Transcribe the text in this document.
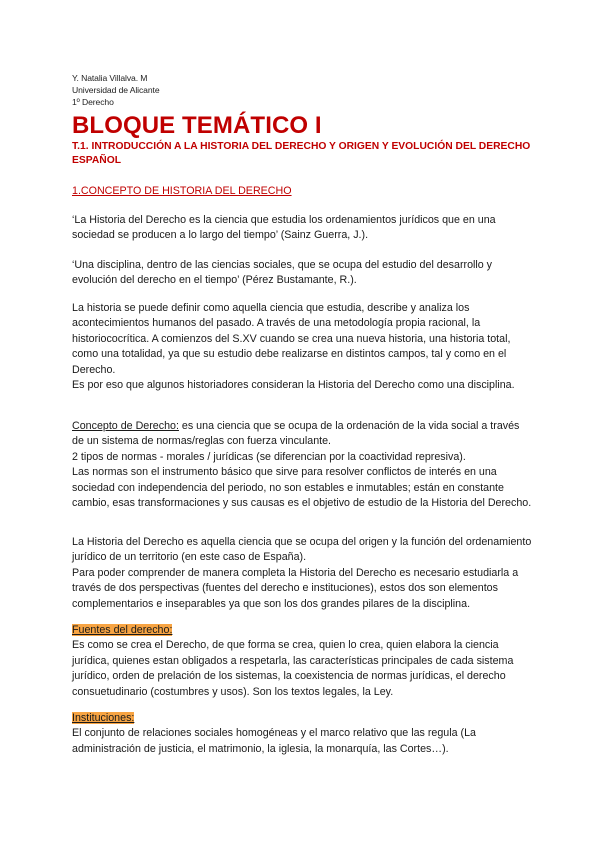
Y. Natalia Villalva. M
Universidad de Alicante
1º Derecho
BLOQUE TEMÁTICO I
T.1. INTRODUCCIÓN A LA HISTORIA DEL DERECHO Y ORIGEN Y EVOLUCIÓN DEL DERECHO ESPAÑOL
1.CONCEPTO DE HISTORIA DEL DERECHO

‘La Historia del Derecho es la ciencia que estudia los ordenamientos jurídicos que en una sociedad se producen a lo largo del tiempo’ (Sainz Guerra, J.).

‘Una disciplina, dentro de las ciencias sociales, que se ocupa del estudio del desarrollo y evolución del derecho en el tiempo’ (Pérez Bustamante, R.).

La historia se puede definir como aquella ciencia que estudia, describe y analiza los acontecimientos humanos del pasado. A través de una metodología propia racional, la historiococrítica. A comienzos del S.XV cuando se crea una nueva historia, una historia total, como una totalidad, ya que su estudio debe realizarse en distintos campos, tal y como en el Derecho.

Es por eso que algunos historiadores consideran la Historia del Derecho como una disciplina.

Concepto de Derecho: es una ciencia que se ocupa de la ordenación de la vida social a través de un sistema de normas/reglas con fuerza vinculante.

2 tipos de normas - morales / jurídicas (se diferencian por la coactividad represiva).

Las normas son el instrumento básico que sirve para resolver conflictos de interés en una sociedad con independencia del periodo, no son estables e inmutables; están en constante cambio, esas transformaciones y sus causas es el objetivo de estudio de la Historia del Derecho.

La Historia del Derecho es aquella ciencia que se ocupa del origen y la función del ordenamiento jurídico de un territorio (en este caso de España).

Para poder comprender de manera completa la Historia del Derecho es necesario estudiarla a través de dos perspectivas (fuentes del derecho e instituciones), estos dos son elementos complementarios e inseparables ya que son los dos grandes pilares de la disciplina.

Fuentes del derecho:

Es como se crea el Derecho, de que forma se crea, quien lo crea, quien elabora la ciencia jurídica, quienes estan obligados a respetarla, las características principales de cada sistema jurídico, orden de prelación de los sistemas, la coexistencia de normas jurídicas, el derecho consuetudinario (costumbres y usos). Son los textos legales, la Ley.

Instituciones:

El conjunto de relaciones sociales homogéneas y el marco relativo que las regula (La administración de justicia, el matrimonio, la iglesia, la monarquía, las Cortes…).
